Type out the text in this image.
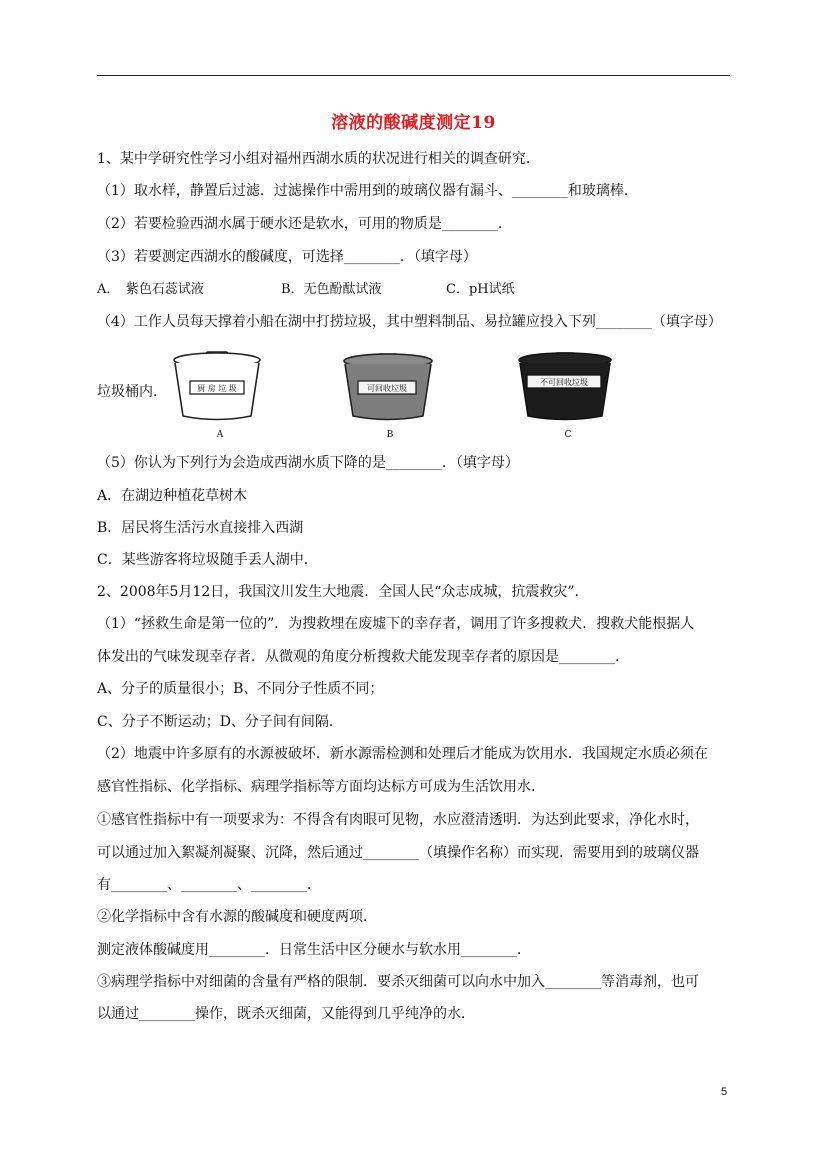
溶液的酸碱度测定19
1、某中学研究性学习小组对福州西湖水质的状况进行相关的调查研究．
（1）取水样，静置后过滤．过滤操作中需用到的玻璃仪器有漏斗、________和玻璃棒．
（2）若要检验西湖水属于硬水还是软水，可用的物质是________．
（3）若要测定西湖水的酸碱度，可选择________．（填字母）
A．　紫色石蕊试液	B．无色酚酞试液	C．pH试纸
（4）工作人员每天撑着小船在湖中打捞垃圾，其中塑料制品、易拉罐应投入下列________（填字母）
垃圾桶内．	厨 房 垃 圾
A
可回收垃圾
B
不可回收垃圾
C
（5）你认为下列行为会造成西湖水质下降的是________．（填字母）
A．在湖边种植花草树木
B．居民将生活污水直接排入西湖
C．某些游客将垃圾随手丢人湖中．
2、2008年5月12日，我国汶川发生大地震．全国人民“众志成城，抗震救灾”．
（1）“拯救生命是第一位的”．为搜救埋在废墟下的幸存者，调用了许多搜救犬．搜救犬能根据人
体发出的气味发现幸存者．从微观的角度分析搜救犬能发现幸存者的原因是________．
A、分子的质量很小；B、不同分子性质不同；
C、分子不断运动；D、分子间有间隔．
（2）地震中许多原有的水源被破坏．新水源需检测和处理后才能成为饮用水．我国规定水质必须在
感官性指标、化学指标、病理学指标等方面均达标方可成为生活饮用水．
①感官性指标中有一项要求为：不得含有肉眼可见物，水应澄清透明．为达到此要求，净化水时，
可以通过加入絮凝剂凝聚、沉降，然后通过________（填操作名称）而实现．需要用到的玻璃仪器
有________、________、________．
②化学指标中含有水源的酸碱度和硬度两项．
测定液体酸碱度用________．日常生活中区分硬水与软水用________．
③病理学指标中对细菌的含量有严格的限制．要杀灭细菌可以向水中加入________等消毒剂，也可
以通过________操作，既杀灭细菌，又能得到几乎纯净的水．
5
